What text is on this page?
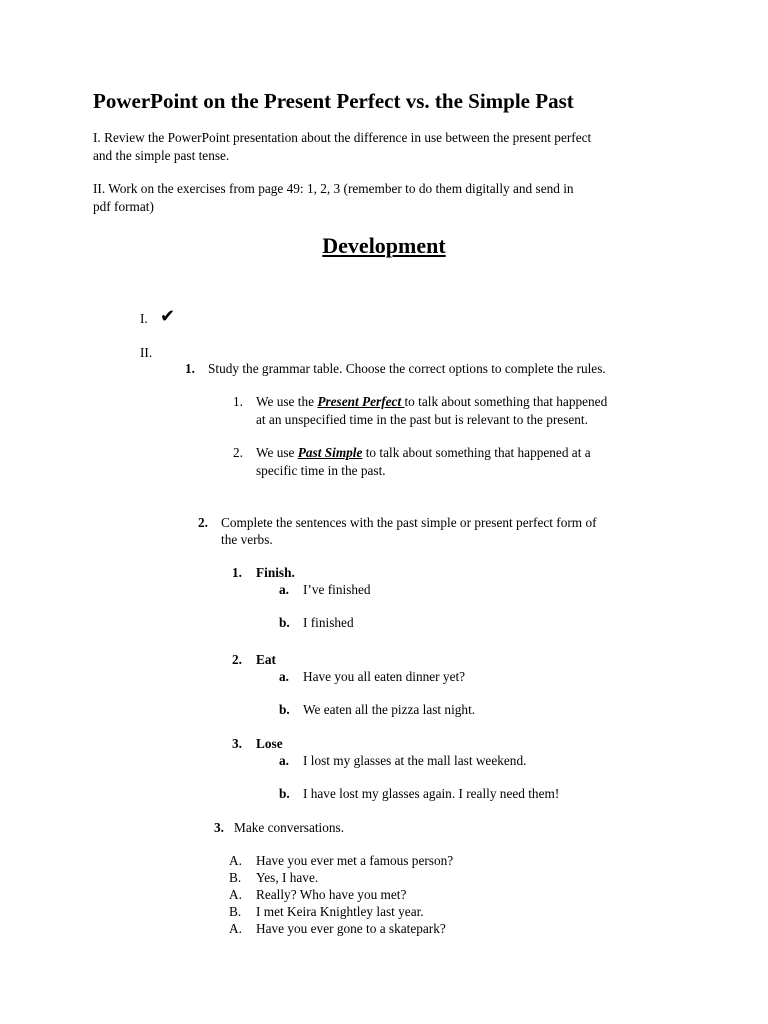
PowerPoint on the Present Perfect vs. the Simple Past
I. Review the PowerPoint presentation about the difference in use between the present perfect
and the simple past tense.
II. Work on the exercises from page 49: 1, 2, 3 (remember to do them digitally and send in
pdf format)
Development
I. ✔
II.
1. Study the grammar table. Choose the correct options to complete the rules.
1. We use the Present Perfect to talk about something that happened
at an unspecified time in the past but is relevant to the present.
2. We use Past Simple to talk about something that happened at a
specific time in the past.
2. Complete the sentences with the past simple or present perfect form of
the verbs.
1. Finish.
a. I’ve finished
b. I finished
2. Eat
a. Have you all eaten dinner yet?
b. We eaten all the pizza last night.
3. Lose
a. I lost my glasses at the mall last weekend.
b. I have lost my glasses again. I really need them!
3. Make conversations.
A. Have you ever met a famous person?
B. Yes, I have.
A. Really? Who have you met?
B. I met Keira Knightley last year.
A. Have you ever gone to a skatepark?
